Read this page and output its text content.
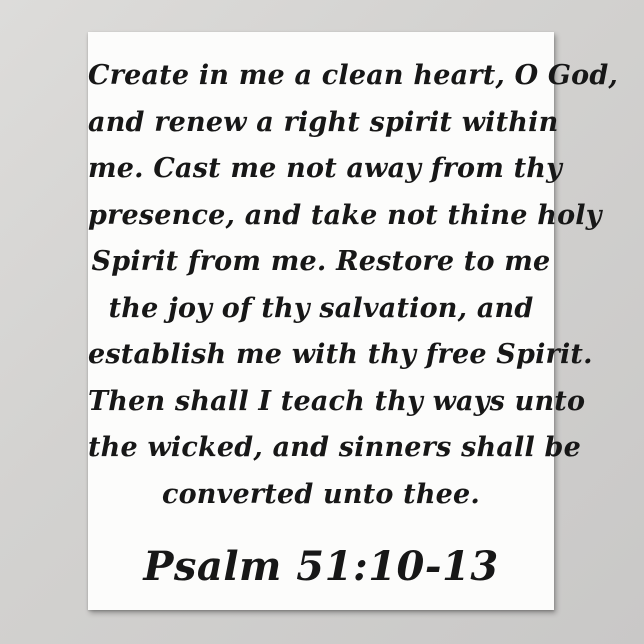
Create in me a clean heart, O God,
and renew a right spirit within
me. Cast me not away from thy
presence, and take not thine holy
Spirit from me. Restore to me
the joy of thy salvation, and
establish me with thy free Spirit.
Then shall I teach thy ways unto
the wicked, and sinners shall be
converted unto thee.
Psalm 51:10-13
